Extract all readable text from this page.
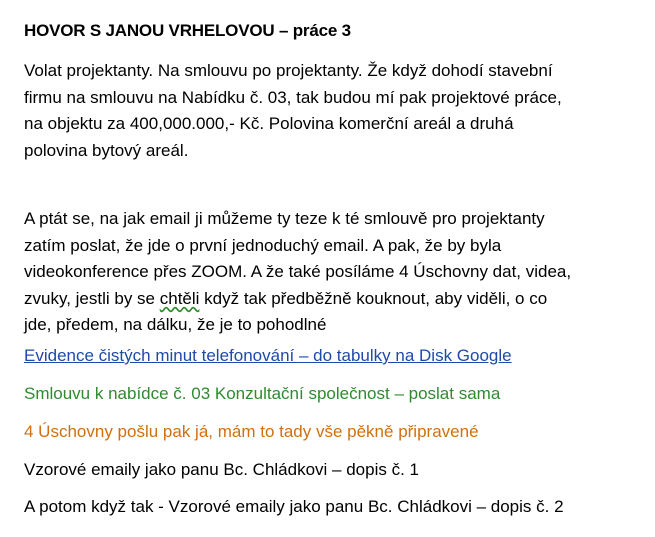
HOVOR S JANOU VRHELOVOU – práce 3
Volat projektanty. Na smlouvu po projektanty. Že když dohodí stavební
firmu na smlouvu na Nabídku č. 03, tak budou mí pak projektové práce,
na objektu za 400,000.000,- Kč. Polovina komerční areál a druhá
polovina bytový areál.
A ptát se, na jak email ji můžeme ty teze k té smlouvě pro projektanty
zatím poslat, že jde o první jednoduchý email. A pak, že by byla
videokonference přes ZOOM. A že také posíláme 4 Úschovny dat, videa,
zvuky, jestli by se chtěli když tak předběžně kouknout, aby viděli, o co
jde, předem, na dálku, že je to pohodlné
Evidence čistých minut telefonování – do tabulky na Disk Google
Smlouvu k nabídce č. 03 Konzultační společnost – poslat sama
4 Úschovny pošlu pak já, mám to tady vše pěkně připravené
Vzorové emaily jako panu Bc. Chládkovi – dopis č. 1
A potom když tak - Vzorové emaily jako panu Bc. Chládkovi – dopis č. 2
